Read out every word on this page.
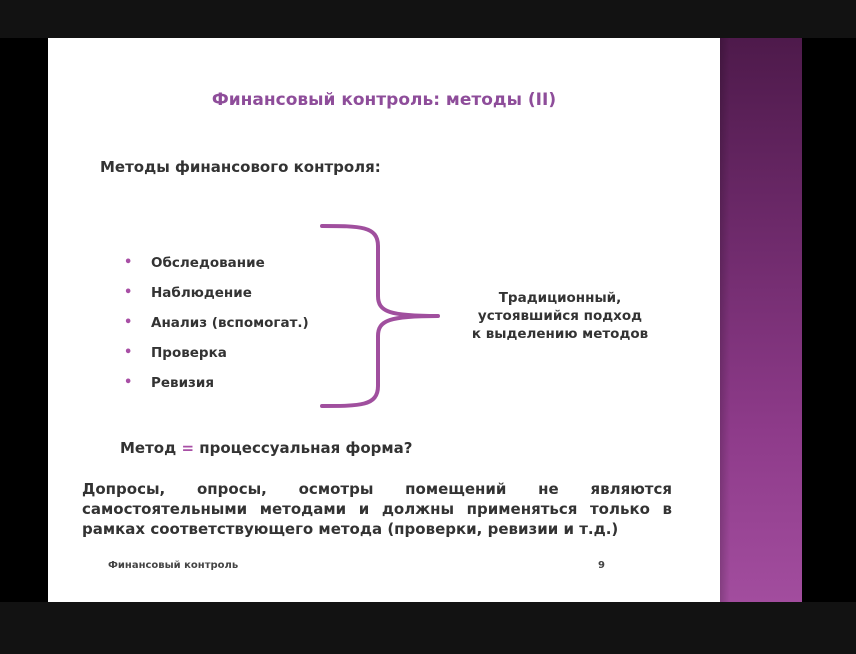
Финансовый контроль: методы (II)
Методы финансового контроля:
•	Обследование
•	Наблюдение
•	Анализ (вспомогат.)
•	Проверка
•	Ревизия
Традиционный,
устоявшийся подход
к выделению методов
Метод = процессуальная форма?
Допросы, опросы, осмотры помещений не являются самостоятельными методами и должны применяться только в рамках соответствующего метода (проверки, ревизии и т.д.)
Финансовый контроль	9
